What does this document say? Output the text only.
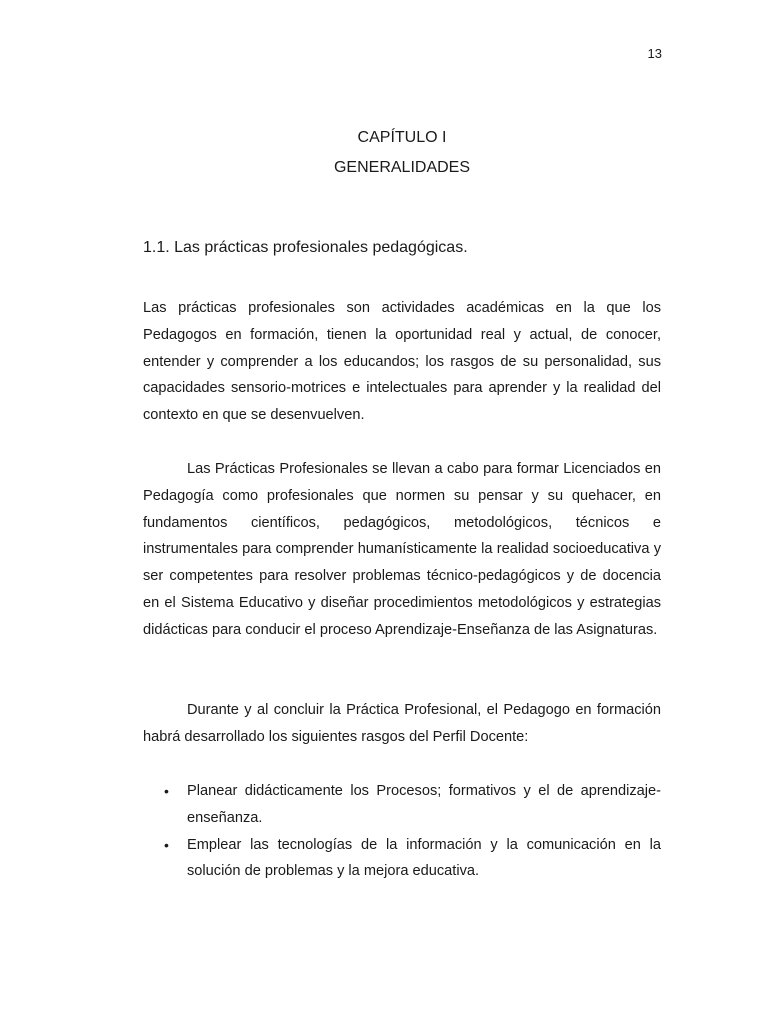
13
CAPÍTULO I
GENERALIDADES
1.1. Las prácticas profesionales pedagógicas.

Las prácticas profesionales son actividades académicas en la que los Pedagogos en formación, tienen la oportunidad real y actual, de conocer, entender y comprender a los educandos; los rasgos de su personalidad, sus capacidades sensorio-motrices e intelectuales para aprender y la realidad del contexto en que se desenvuelven.

Las Prácticas Profesionales se llevan a cabo para formar Licenciados en Pedagogía como profesionales que normen su pensar y su quehacer, en fundamentos científicos, pedagógicos, metodológicos, técnicos e instrumentales para comprender humanísticamente la realidad socioeducativa y ser competentes para resolver problemas técnico-pedagógicos y de docencia en el Sistema Educativo y diseñar procedimientos metodológicos y estrategias didácticas para conducir el proceso Aprendizaje-Enseñanza de las Asignaturas.

Durante y al concluir la Práctica Profesional, el Pedagogo en formación habrá desarrollado los siguientes rasgos del Perfil Docente:

• Planear didácticamente los Procesos; formativos y el de aprendizaje-enseñanza.
• Emplear las tecnologías de la información y la comunicación en la solución de problemas y la mejora educativa.
